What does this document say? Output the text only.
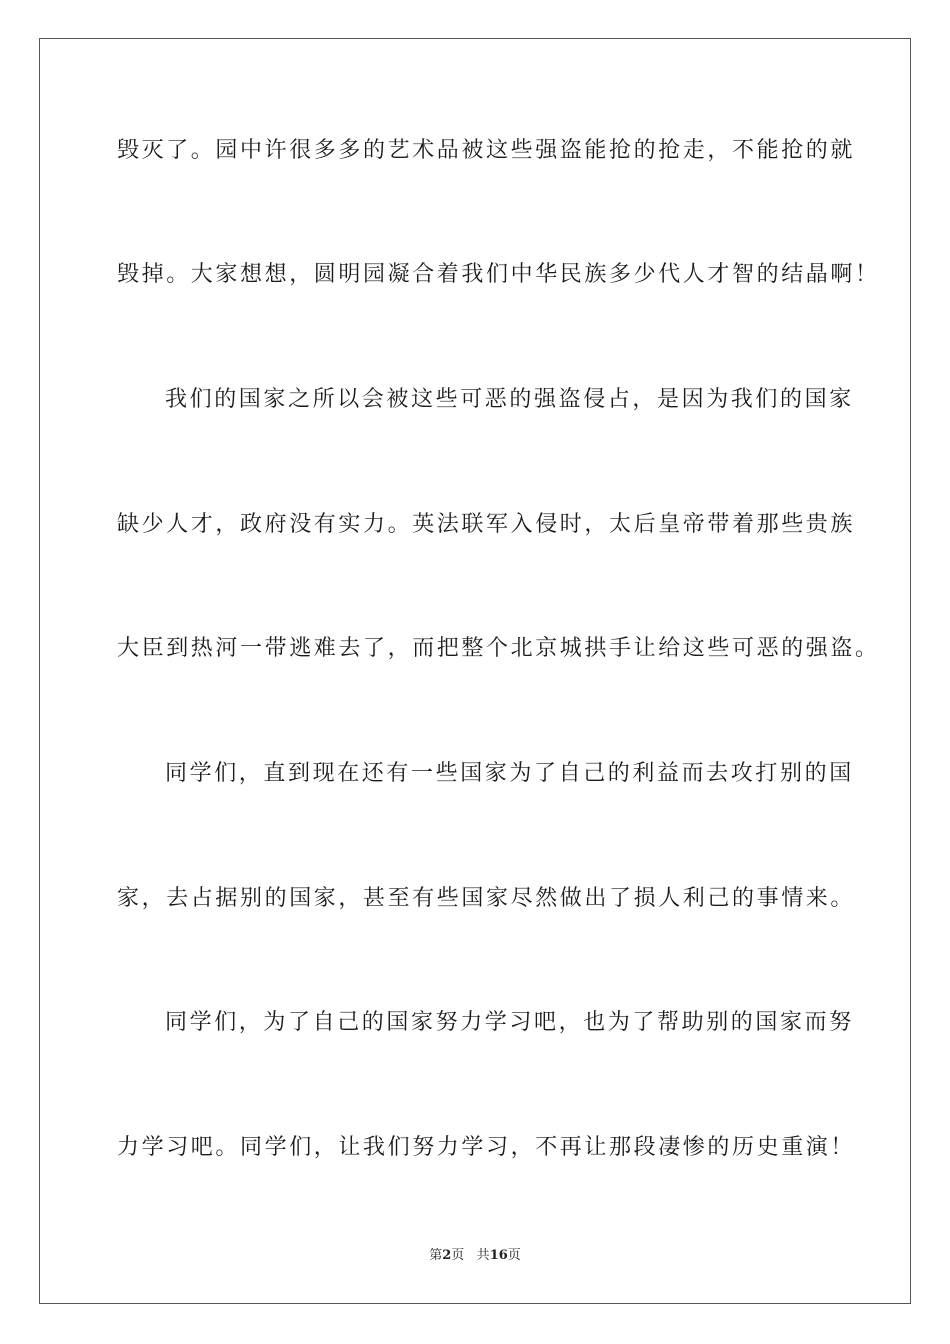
毁灭了。园中许很多多的艺术品被这些强盗能抢的抢走，不能抢的就
毁掉。大家想想，圆明园凝合着我们中华民族多少代人才智的结晶啊！
我们的国家之所以会被这些可恶的强盗侵占，是因为我们的国家
缺少人才，政府没有实力。英法联军入侵时，太后皇帝带着那些贵族
大臣到热河一带逃难去了，而把整个北京城拱手让给这些可恶的强盗。
同学们，直到现在还有一些国家为了自己的利益而去攻打别的国
家，去占据别的国家，甚至有些国家尽然做出了损人利己的事情来。
同学们，为了自己的国家努力学习吧，也为了帮助别的国家而努
力学习吧。同学们，让我们努力学习，不再让那段凄惨的历史重演！
第2页 共16页
